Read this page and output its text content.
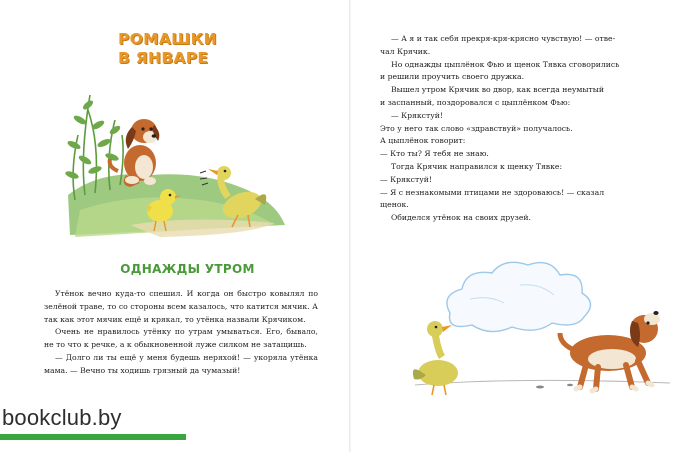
РОМАШКИ
В ЯНВАРЕ
ОДНАЖДЫ УТРОМ

Утёнок вечно куда-то спешил. И когда он быстро ковылял по зелёной траве, то со стороны всем казалось, что катится мячик. А так как этот мячик ещё и крякал, то утёнка назвали Крячиком.

Очень не нравилось утёнку по утрам умываться. Его, бывало, не то что к речке, а к обыкновенной луже силком не затащишь.

— Долго ли ты ещё у меня будешь неряхой! — укоряла утёнка мама. — Вечно ты ходишь грязный да чумазый!

— А я и так себя прекря-кря-крясно чувствую! — отве-

чал Крячик.

Но однажды цыплёнок Фью и щенок Тявка сговорились

и решили проучить своего дружка.

Вышел утром Крячик во двор, как всегда неумытый

и заспанный, поздоровался с цыплёнком Фью:

— Крякстуй!

Это у него так слово «здравствуй» получалось.

А цыплёнок говорит:

— Кто ты? Я тебя не знаю.

Тогда Крячик направился к щенку Тявке:

— Крякстуй!

— Я с незнакомыми птицами не здороваюсь! — сказал

щенок.

Обиделся утёнок на своих друзей.

bookclub.by
